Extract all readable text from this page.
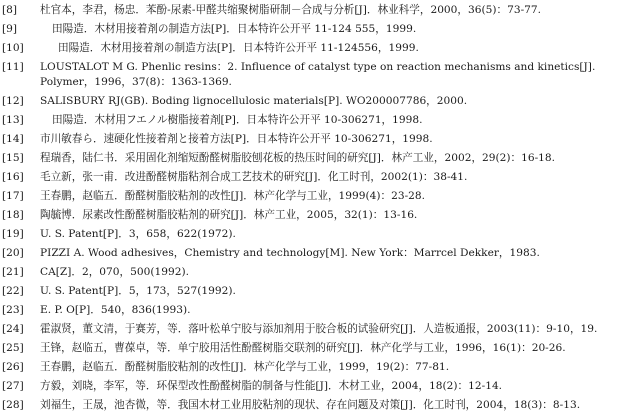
[8]	杜官本，李君，杨忠．苯酚-尿素-甲醛共缩聚树脂研制－合成与分析[J]．林业科学，2000，36(5)：73-77.
[9]	田陽造．木材用接着剤の制造方法[P]．日本特许公开平 11-124 555，1999.
[10]	田陽造．木材用接着剤の制造方法[P]．日本特许公开平 11-124556，1999.
[11]	LOUSTALOT M G. Phenlic resins：2. Influence of catalyst type on reaction mechanisms and kinetics[J]. Polymer，1996，37(8)：1363-1369.
[12]	SALISBURY RJ(GB). Boding lignocellulosic materials[P]. WO200007786，2000.
[13]	田陽造．木材用フエノル樹脂接着剤[P]．日本特许公开平 10-306271，1998.
[14]	市川敏春ら．速硬化性接着剤と接着方法[P]．日本特许公开平 10-306271，1998.
[15]	程瑞香，陆仁书．采用固化剂缩短酚醛树脂胶刨花板的热压时间的研究[J]．林产工业，2002，29(2)：16-18.
[16]	毛立新，张一甫．改进酚醛树脂粘剂合成工艺技术的研究[J]．化工时刊，2002(1)：38-41.
[17]	王春鹏，赵临五．酚醛树脂胶粘剂的改性[J]．林产化学与工业，1999(4)：23-28.
[18]	陶毓博．尿素改性酚醛树脂胶粘剂的研究[J]．林产工业，2005，32(1)：13-16.
[19]	U. S. Patent[P]．3，658，622(1972).
[20]	PIZZI A. Wood adhesives，Chemistry and technology[M]. New York：Marrcel Dekker，1983.
[21]	CA[Z]．2，070，500(1992).
[22]	U. S. Patent[P]．5，173，527(1992).
[23]	E. P. O[P]．540，836(1993).
[24]	霍淑贤，董文清，于赛芳，等．落叶松单宁胶与添加剂用于胶合板的试验研究[J]．人造板通报，2003(11)：9-10，19.
[25]	王锋，赵临五，曹葆卓，等．单宁胶用活性酚醛树脂交联剂的研究[J]．林产化学与工业，1996，16(1)：20-26.
[26]	王春鹏，赵临五．酚醛树脂胶粘剂的改性[J]．林产化学与工业，1999，19(2)：77-81.
[27]	方毅，刘晓，李军，等．环保型改性酚醛树脂的制备与性能[J]．木材工业，2004，18(2)：12-14.
[28]	刘福生，王晟，池杏微，等．我国木材工业用胶粘剂的现状、存在问题及对策[J]．化工时刊，2004，18(3)：8-13.
